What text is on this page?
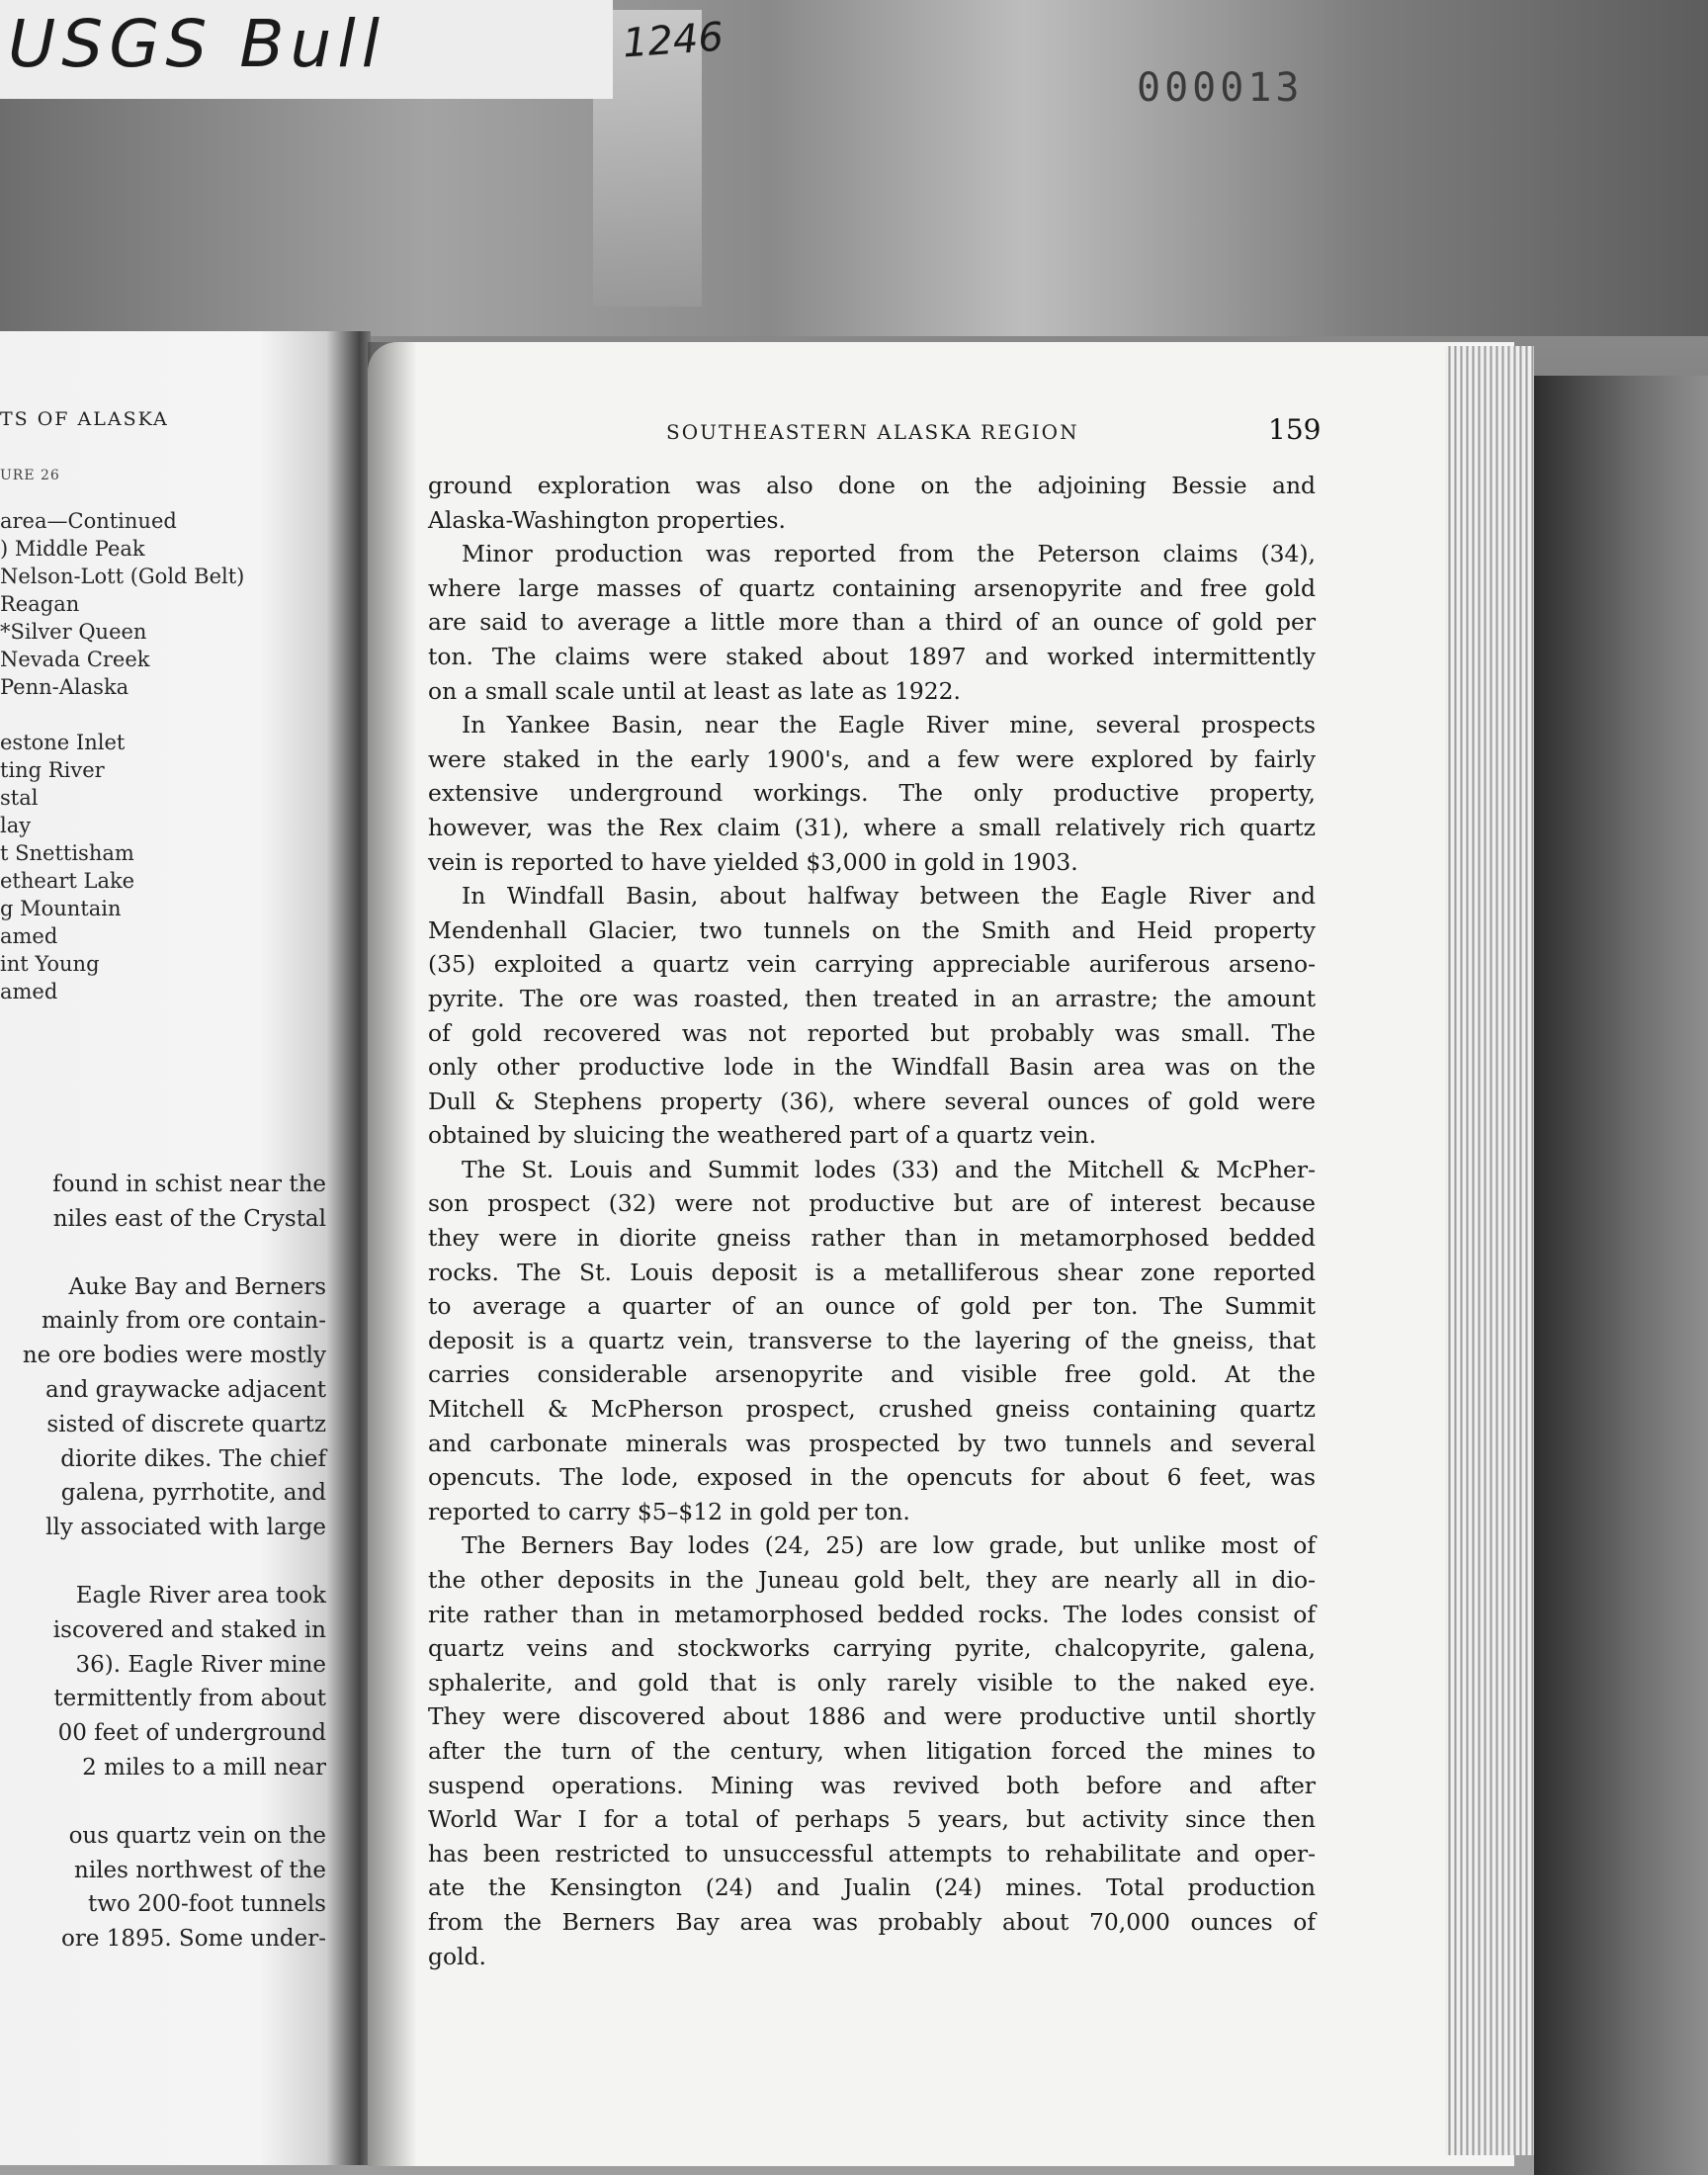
USGS Bull	1246
000013
TS OF ALASKA
URE 26
area—Continued
) Middle Peak
Nelson-Lott (Gold Belt)
Reagan
*Silver Queen
Nevada Creek
Penn-Alaska

estone Inlet
ting River
stal
lay
t Snettisham
etheart Lake
g Mountain
amed
int Young
amed

found in schist near the
niles east of the Crystal

Auke Bay and Berners
mainly from ore contain-
ne ore bodies were mostly
and graywacke adjacent
sisted of discrete quartz
diorite dikes. The chief
galena, pyrrhotite, and
lly associated with large

Eagle River area took
iscovered and staked in
36). Eagle River mine
termittently from about
00 feet of underground
2 miles to a mill near

ous quartz vein on the
niles northwest of the
two 200-foot tunnels
ore 1895. Some under-

SOUTHEASTERN ALASKA REGION	159

ground exploration was also done on the adjoining Bessie and
Alaska-Washington properties.

Minor production was reported from the Peterson claims (34),
where large masses of quartz containing arsenopyrite and free gold
are said to average a little more than a third of an ounce of gold per
ton. The claims were staked about 1897 and worked intermittently
on a small scale until at least as late as 1922.

In Yankee Basin, near the Eagle River mine, several prospects
were staked in the early 1900's, and a few were explored by fairly
extensive underground workings. The only productive property,
however, was the Rex claim (31), where a small relatively rich quartz
vein is reported to have yielded $3,000 in gold in 1903.

In Windfall Basin, about halfway between the Eagle River and
Mendenhall Glacier, two tunnels on the Smith and Heid property
(35) exploited a quartz vein carrying appreciable auriferous arseno-
pyrite. The ore was roasted, then treated in an arrastre; the amount
of gold recovered was not reported but probably was small. The
only other productive lode in the Windfall Basin area was on the
Dull & Stephens property (36), where several ounces of gold were
obtained by sluicing the weathered part of a quartz vein.

The St. Louis and Summit lodes (33) and the Mitchell & McPher-
son prospect (32) were not productive but are of interest because
they were in diorite gneiss rather than in metamorphosed bedded
rocks. The St. Louis deposit is a metalliferous shear zone reported
to average a quarter of an ounce of gold per ton. The Summit
deposit is a quartz vein, transverse to the layering of the gneiss, that
carries considerable arsenopyrite and visible free gold. At the
Mitchell & McPherson prospect, crushed gneiss containing quartz
and carbonate minerals was prospected by two tunnels and several
opencuts. The lode, exposed in the opencuts for about 6 feet, was
reported to carry $5–$12 in gold per ton.

The Berners Bay lodes (24, 25) are low grade, but unlike most of
the other deposits in the Juneau gold belt, they are nearly all in dio-
rite rather than in metamorphosed bedded rocks. The lodes consist of
quartz veins and stockworks carrying pyrite, chalcopyrite, galena,
sphalerite, and gold that is only rarely visible to the naked eye.
They were discovered about 1886 and were productive until shortly
after the turn of the century, when litigation forced the mines to
suspend operations. Mining was revived both before and after
World War I for a total of perhaps 5 years, but activity since then
has been restricted to unsuccessful attempts to rehabilitate and oper-
ate the Kensington (24) and Jualin (24) mines. Total production
from the Berners Bay area was probably about 70,000 ounces of
gold.
